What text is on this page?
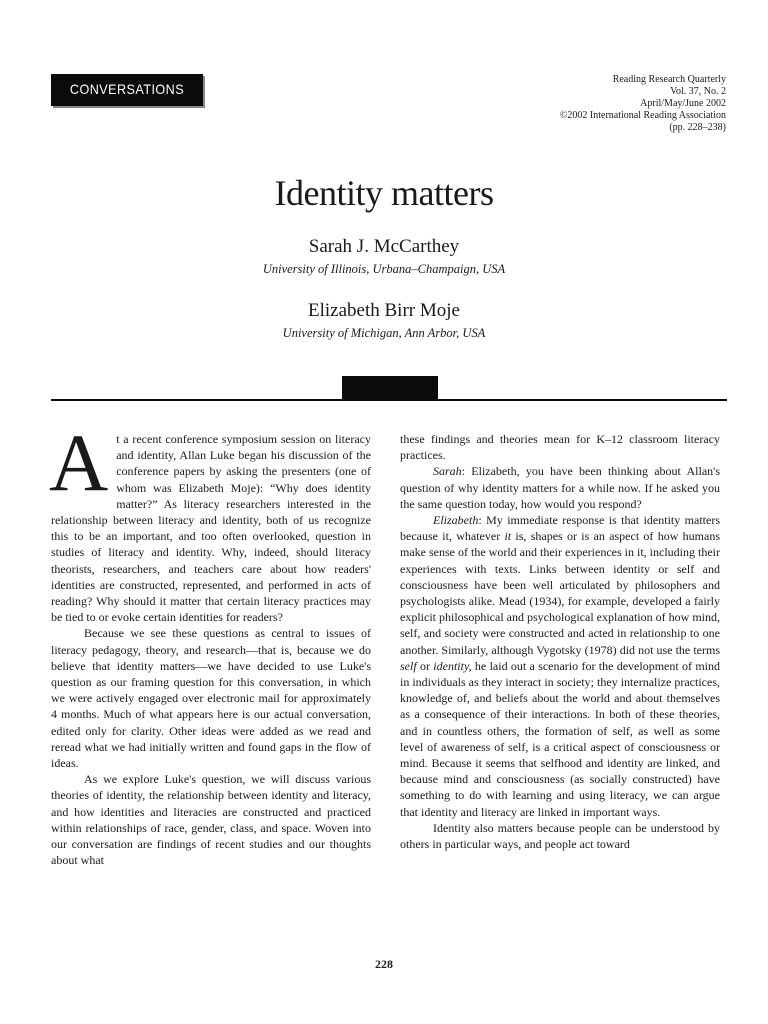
CONVERSATIONS
Reading Research Quarterly
Vol. 37, No. 2
April/May/June 2002
©2002 International Reading Association
(pp. 228–238)
Identity matters
Sarah J. McCarthey
University of Illinois, Urbana–Champaign, USA
Elizabeth Birr Moje
University of Michigan, Ann Arbor, USA

At a recent conference symposium session on literacy and identity, Allan Luke began his discussion of the conference papers by asking the presenters (one of whom was Elizabeth Moje): “Why does identity matter?” As literacy researchers interested in the relationship between literacy and identity, both of us recognize this to be an important, and too often overlooked, question in studies of literacy and identity. Why, indeed, should literacy theorists, researchers, and teachers care about how readers' identities are constructed, represented, and performed in acts of reading? Why should it matter that certain literacy practices may be tied to or evoke certain identities for readers?

Because we see these questions as central to issues of literacy pedagogy, theory, and research—that is, because we do believe that identity matters—we have decided to use Luke's question as our framing question for this conversation, in which we were actively engaged over electronic mail for approximately 4 months. Much of what appears here is our actual conversation, edited only for clarity. Other ideas were added as we read and reread what we had initially written and found gaps in the flow of ideas.

As we explore Luke's question, we will discuss various theories of identity, the relationship between identity and literacy, and how identities and literacies are constructed and practiced within relationships of race, gender, class, and space. Woven into our conversation are findings of recent studies and our thoughts about what

these findings and theories mean for K–12 classroom literacy practices.

Sarah: Elizabeth, you have been thinking about Allan's question of why identity matters for a while now. If he asked you the same question today, how would you respond?

Elizabeth: My immediate response is that identity matters because it, whatever it is, shapes or is an aspect of how humans make sense of the world and their experiences in it, including their experiences with texts. Links between identity or self and consciousness have been well articulated by philosophers and psychologists alike. Mead (1934), for example, developed a fairly explicit philosophical and psychological explanation of how mind, self, and society were constructed and acted in relationship to one another. Similarly, although Vygotsky (1978) did not use the terms self or identity, he laid out a scenario for the development of mind in individuals as they interact in society; they internalize practices, knowledge of, and beliefs about the world and about themselves as a consequence of their interactions. In both of these theories, and in countless others, the formation of self, as well as some level of awareness of self, is a critical aspect of consciousness or mind. Because it seems that selfhood and identity are linked, and because mind and consciousness (as socially constructed) have something to do with learning and using literacy, we can argue that identity and literacy are linked in important ways.

Identity also matters because people can be understood by others in particular ways, and people act toward

228
